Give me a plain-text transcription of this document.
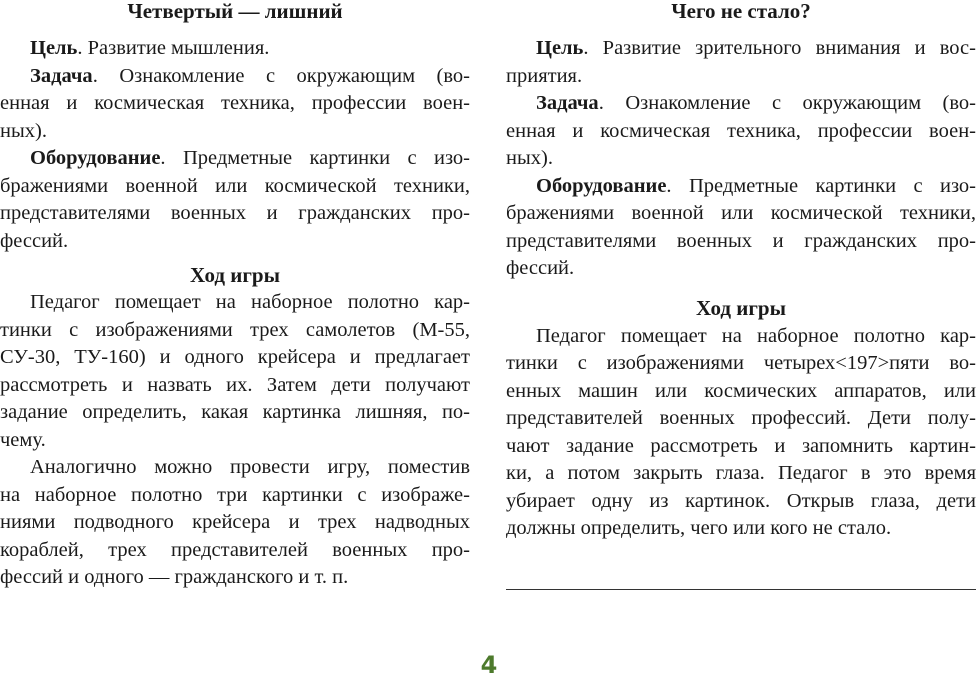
Четвертый — лишний
Цель. Развитие мышления.
Задача. Ознакомление с окружающим (во-
енная и космическая техника, профессии воен-
ных).
Оборудование. Предметные картинки с изо-
бражениями военной или космической техники,
представителями военных и гражданских про-
фессий.
Ход игры
Педагог помещает на наборное полотно кар-
тинки с изображениями трех самолетов (М-55,
СУ-30, ТУ-160) и одного крейсера и предлагает
рассмотреть и назвать их. Затем дети получают
задание определить, какая картинка лишняя, по-
чему.
Аналогично можно провести игру, поместив
на наборное полотно три картинки с изображе-
ниями подводного крейсера и трех надводных
кораблей, трех представителей военных про-
фессий и одного — гражданского и т. п.
Чего не стало?
Цель. Развитие зрительного внимания и вос-
приятия.
Задача. Ознакомление с окружающим (во-
енная и космическая техника, профессии воен-
ных).
Оборудование. Предметные картинки с изо-
бражениями военной или космической техники,
представителями военных и гражданских про-
фессий.
Ход игры
Педагог помещает на наборное полотно кар-
тинки с изображениями четырех<197>пяти во-
енных машин или космических аппаратов, или
представителей военных профессий. Дети полу-
чают задание рассмотреть и запомнить картин-
ки, а потом закрыть глаза. Педагог в это время
убирает одну из картинок. Открыв глаза, дети
должны определить, чего или кого не стало.
4
